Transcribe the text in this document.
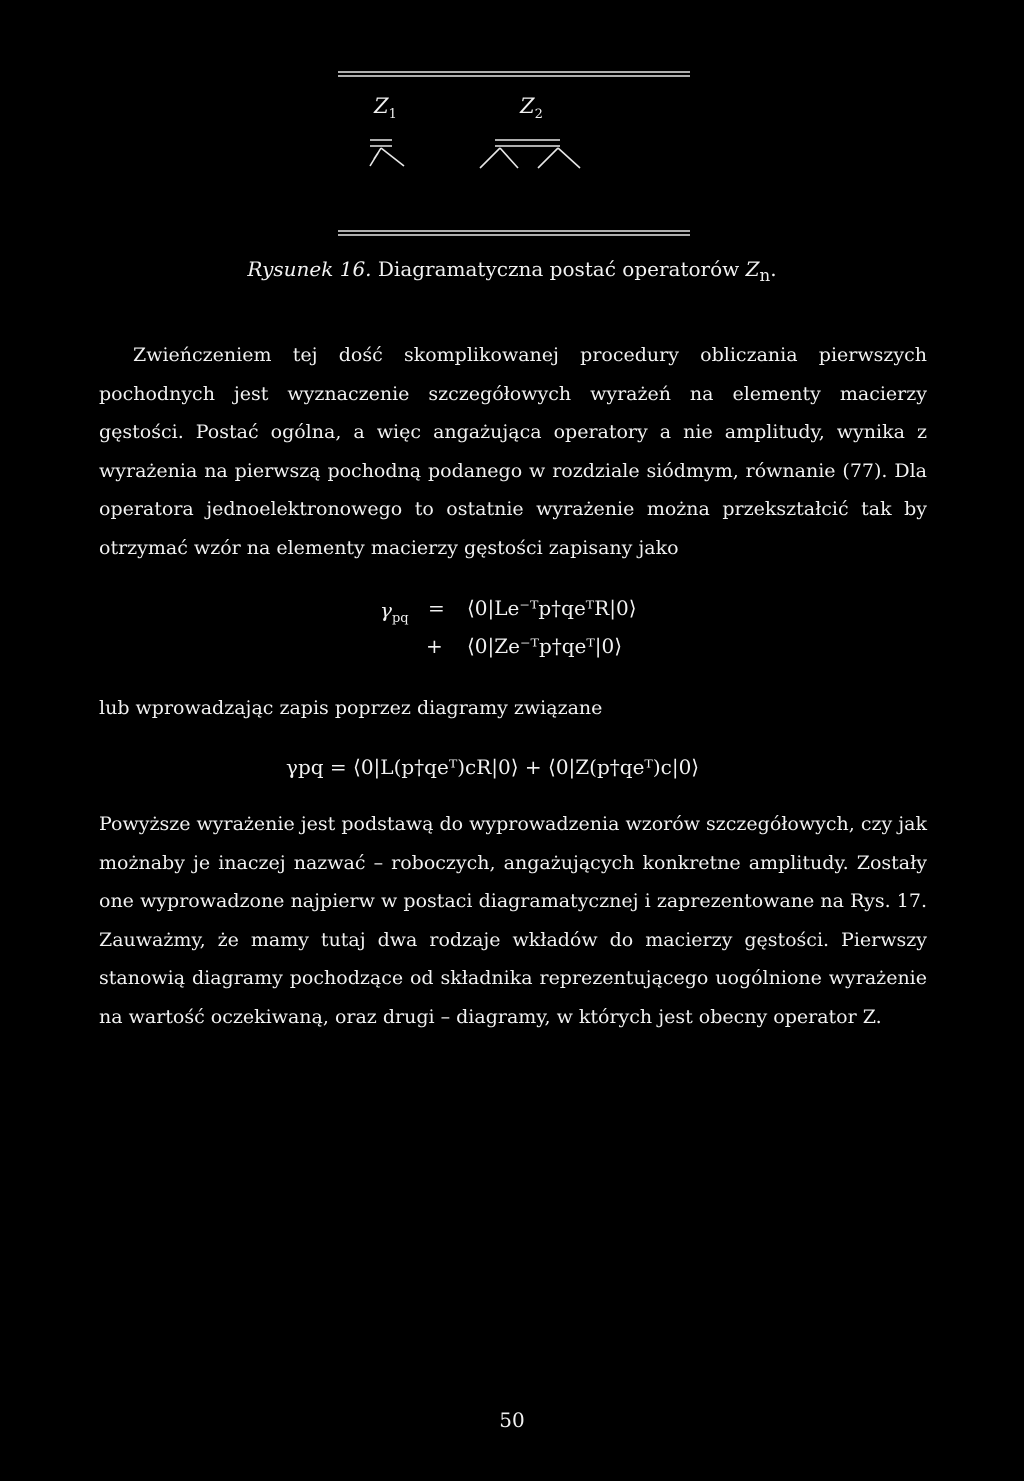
$Z_1$	$Z_2$
Rysunek 16. Diagramatyczna postać operatorów $Z_n$.
Zwieńczeniem tej dość skomplikowanej procedury obliczania pierwszych pochodnych jest wyznaczenie szczegółowych wyrażeń na elementy macierzy gęstości. Postać ogólna, a więc angażująca operatory a nie amplitudy, wynika z wyrażenia na pierwszą pochodną podanego w rozdziale siódmym, równanie (77). Dla operatora jednoelektronowego to ostatnie wyrażenie można przekształcić tak by otrzymać wzór na elementy macierzy gęstości zapisany jako
$\gamma_{pq}$ = ⟨0|Le⁻ᵀp†qeᵀR|0⟩
+ ⟨0|Ze⁻ᵀp†qeᵀ|0⟩
lub wprowadzając zapis poprzez diagramy związane
γpq = ⟨0|L(p†qeᵀ)cR|0⟩ + ⟨0|Z(p†qeᵀ)c|0⟩
Powyższe wyrażenie jest podstawą do wyprowadzenia wzorów szczegółowych, czy jak możnaby je inaczej nazwać – roboczych, angażujących konkretne amplitudy. Zostały one wyprowadzone najpierw w postaci diagramatycznej i zaprezentowane na Rys. 17. Zauważmy, że mamy tutaj dwa rodzaje wkładów do macierzy gęstości. Pierwszy stanowią diagramy pochodzące od składnika reprezentującego uogólnione wyrażenie na wartość oczekiwaną, oraz drugi – diagramy, w których jest obecny operator Z.
50
